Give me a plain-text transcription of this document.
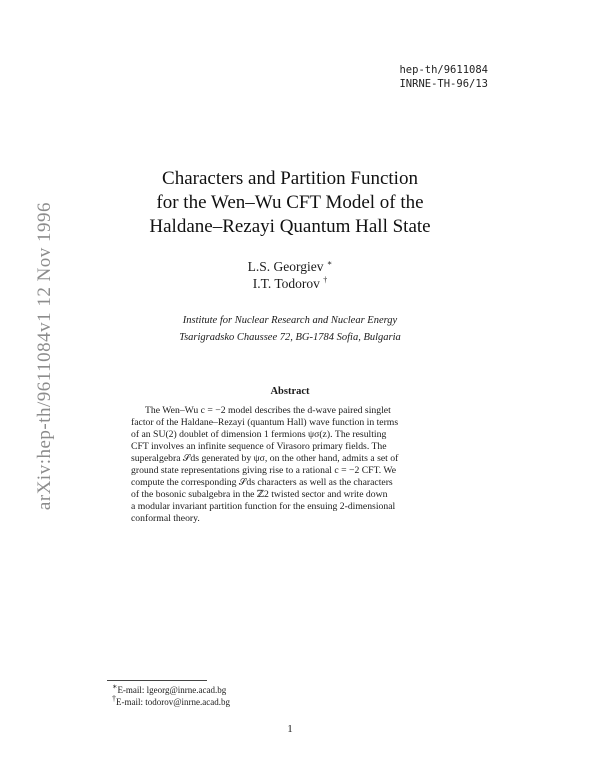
hep-th/9611084
INRNE-TH-96/13
arXiv:hep-th/9611084v1 12 Nov 1996
Characters and Partition Function
for the Wen–Wu CFT Model of the
Haldane–Rezayi Quantum Hall State
L.S. Georgiev ∗
I.T. Todorov †
Institute for Nuclear Research and Nuclear Energy
Tsarigradsko Chaussee 72, BG-1784 Sofia, Bulgaria
Abstract
The Wen–Wu c = −2 model describes the d-wave paired singlet
factor of the Haldane–Rezayi (quantum Hall) wave function in terms
of an SU(2) doublet of dimension 1 fermions ψσ(z). The resulting
CFT involves an infinite sequence of Virasoro primary fields. The
superalgebra 𝒮ds generated by ψσ, on the other hand, admits a set of
ground state representations giving rise to a rational c = −2 CFT. We
compute the corresponding 𝒮ds characters as well as the characters
of the bosonic subalgebra in the ℤ2 twisted sector and write down
a modular invariant partition function for the ensuing 2-dimensional
conformal theory.
∗E-mail: lgeorg@inrne.acad.bg
†E-mail: todorov@inrne.acad.bg
1
